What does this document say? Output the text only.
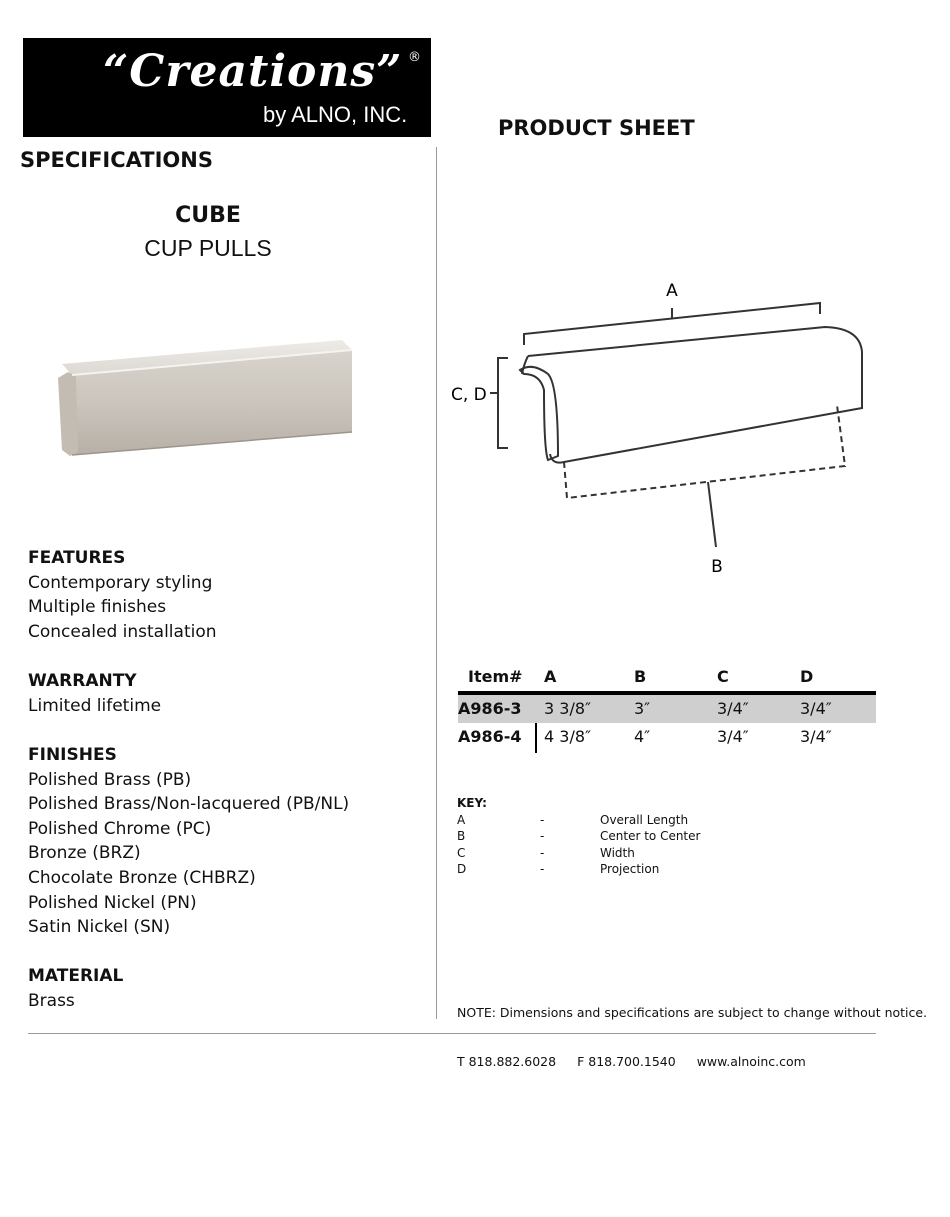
“Creations” ®
by ALNO, INC.
PRODUCT SHEET
SPECIFICATIONS
CUBE
CUP PULLS
FEATURES
Contemporary styling
Multiple finishes
Concealed installation
WARRANTY
Limited lifetime
FINISHES
Polished Brass (PB)
Polished Brass/Non-lacquered (PB/NL)
Polished Chrome (PC)
Bronze (BRZ)
Chocolate Bronze (CHBRZ)
Polished Nickel (PN)
Satin Nickel (SN)
MATERIAL
Brass
A
B
C, D
Item#	A	B	C	D
A986-3	3 3/8″	3″	3/4″	3/4″
A986-4	4 3/8″	4″	3/4″	3/4″
KEY:
A	-	Overall Length
B	-	Center to Center
C	-	Width
D	-	Projection
NOTE: Dimensions and specifications are subject to change without notice.
T 818.882.6028 F 818.700.1540 www.alnoinc.com
